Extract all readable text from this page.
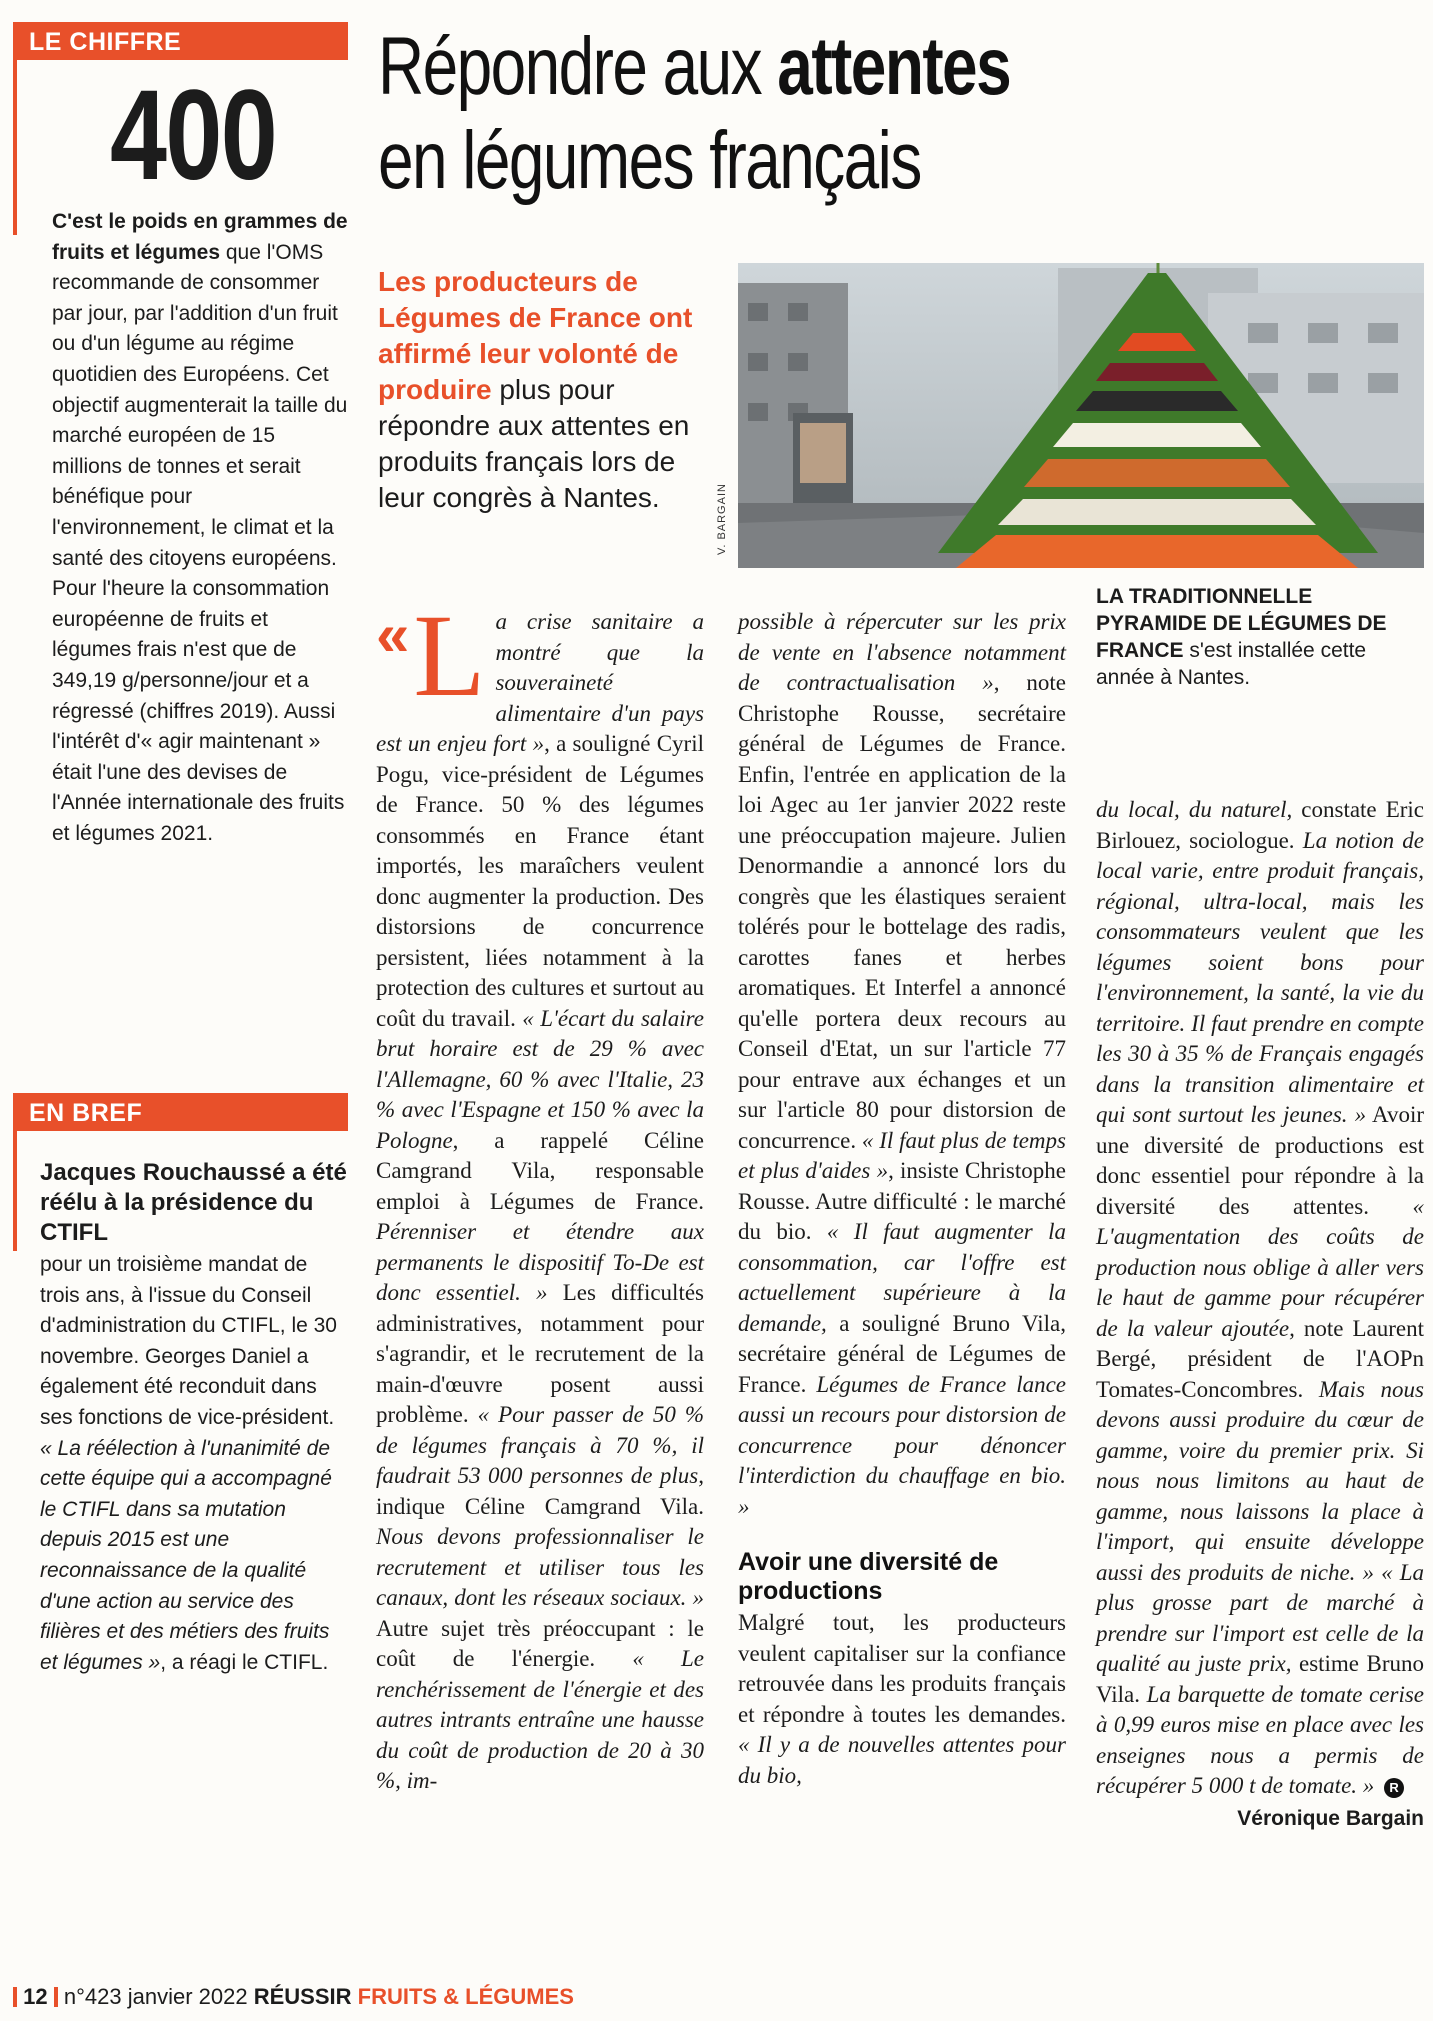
LE CHIFFRE
400
C'est le poids en grammes de fruits et légumes que l'OMS recommande de consommer par jour, par l'addition d'un fruit ou d'un légume au régime quotidien des Européens. Cet objectif augmenterait la taille du marché européen de 15 millions de tonnes et serait bénéfique pour l'environnement, le climat et la santé des citoyens européens. Pour l'heure la consommation européenne de fruits et légumes frais n'est que de 349,19 g/personne/jour et a régressé (chiffres 2019). Aussi l'intérêt d'« agir maintenant » était l'une des devises de l'Année internationale des fruits et légumes 2021.
EN BREF
Jacques Rouchaussé a été réélu à la présidence du CTIFL
pour un troisième mandat de trois ans, à l'issue du Conseil d'administration du CTIFL, le 30 novembre. Georges Daniel a également été reconduit dans ses fonctions de vice-président. « La réélection à l'unanimité de cette équipe qui a accompagné le CTIFL dans sa mutation depuis 2015 est une reconnaissance de la qualité d'une action au service des filières et des métiers des fruits et légumes », a réagi le CTIFL.
Répondre aux attentes
en légumes français
Les producteurs de Légumes de France ont affirmé leur volonté de produire plus pour répondre aux attentes en produits français lors de leur congrès à Nantes.	V. BARGAIN
LA TRADITIONNELLE PYRAMIDE DE LÉGUMES DE FRANCE s'est installée cette année à Nantes.
« L a crise sanitaire a montré que la souveraineté alimentaire d'un pays est un enjeu fort », a souligné Cyril Pogu, vice-président de Légumes de France. 50 % des légumes consommés en France étant importés, les maraîchers veulent donc augmenter la production. Des distorsions de concurrence persistent, liées notamment à la protection des cultures et surtout au coût du travail. « L'écart du salaire brut horaire est de 29 % avec l'Allemagne, 60 % avec l'Italie, 23 % avec l'Espagne et 150 % avec la Pologne, a rappelé Céline Camgrand Vila, responsable emploi à Légumes de France. Pérenniser et étendre aux permanents le dispositif To-De est donc essentiel. » Les difficultés administratives, notamment pour s'agrandir, et le recrutement de la main-d'œuvre posent aussi problème. « Pour passer de 50 % de légumes français à 70 %, il faudrait 53 000 personnes de plus, indique Céline Camgrand Vila. Nous devons professionnaliser le recrutement et utiliser tous les canaux, dont les réseaux sociaux. » Autre sujet très préoccupant : le coût de l'énergie. « Le renchérissement de l'énergie et des autres intrants entraîne une hausse du coût de production de 20 à 30 %, im-
possible à répercuter sur les prix de vente en l'absence notamment de contractualisation », note Christophe Rousse, secrétaire général de Légumes de France. Enfin, l'entrée en application de la loi Agec au 1er janvier 2022 reste une préoccupation majeure. Julien Denormandie a annoncé lors du congrès que les élastiques seraient tolérés pour le bottelage des radis, carottes fanes et herbes aromatiques. Et Interfel a annoncé qu'elle portera deux recours au Conseil d'Etat, un sur l'article 77 pour entrave aux échanges et un sur l'article 80 pour distorsion de concurrence. « Il faut plus de temps et plus d'aides », insiste Christophe Rousse. Autre difficulté : le marché du bio. « Il faut augmenter la consommation, car l'offre est actuellement supérieure à la demande, a souligné Bruno Vila, secrétaire général de Légumes de France. Légumes de France lance aussi un recours pour distorsion de concurrence pour dénoncer l'interdiction du chauffage en bio. »
Avoir une diversité de productions
Malgré tout, les producteurs veulent capitaliser sur la confiance retrouvée dans les produits français et répondre à toutes les demandes. « Il y a de nouvelles attentes pour du bio,
du local, du naturel, constate Eric Birlouez, sociologue. La notion de local varie, entre produit français, régional, ultra-local, mais les consommateurs veulent que les légumes soient bons pour l'environnement, la santé, la vie du territoire. Il faut prendre en compte les 30 à 35 % de Français engagés dans la transition alimentaire et qui sont surtout les jeunes. » Avoir une diversité de productions est donc essentiel pour répondre à la diversité des attentes. « L'augmentation des coûts de production nous oblige à aller vers le haut de gamme pour récupérer de la valeur ajoutée, note Laurent Bergé, président de l'AOPn Tomates-Concombres. Mais nous devons aussi produire du cœur de gamme, voire du premier prix. Si nous nous limitons au haut de gamme, nous laissons la place à l'import, qui ensuite développe aussi des produits de niche. » « La plus grosse part de marché à prendre sur l'import est celle de la qualité au juste prix, estime Bruno Vila. La barquette de tomate cerise à 0,99 euros mise en place avec les enseignes nous a permis de récupérer 5 000 t de tomate. » R
Véronique Bargain
12 n°423 janvier 2022 RÉUSSIR FRUITS & LÉGUMES
